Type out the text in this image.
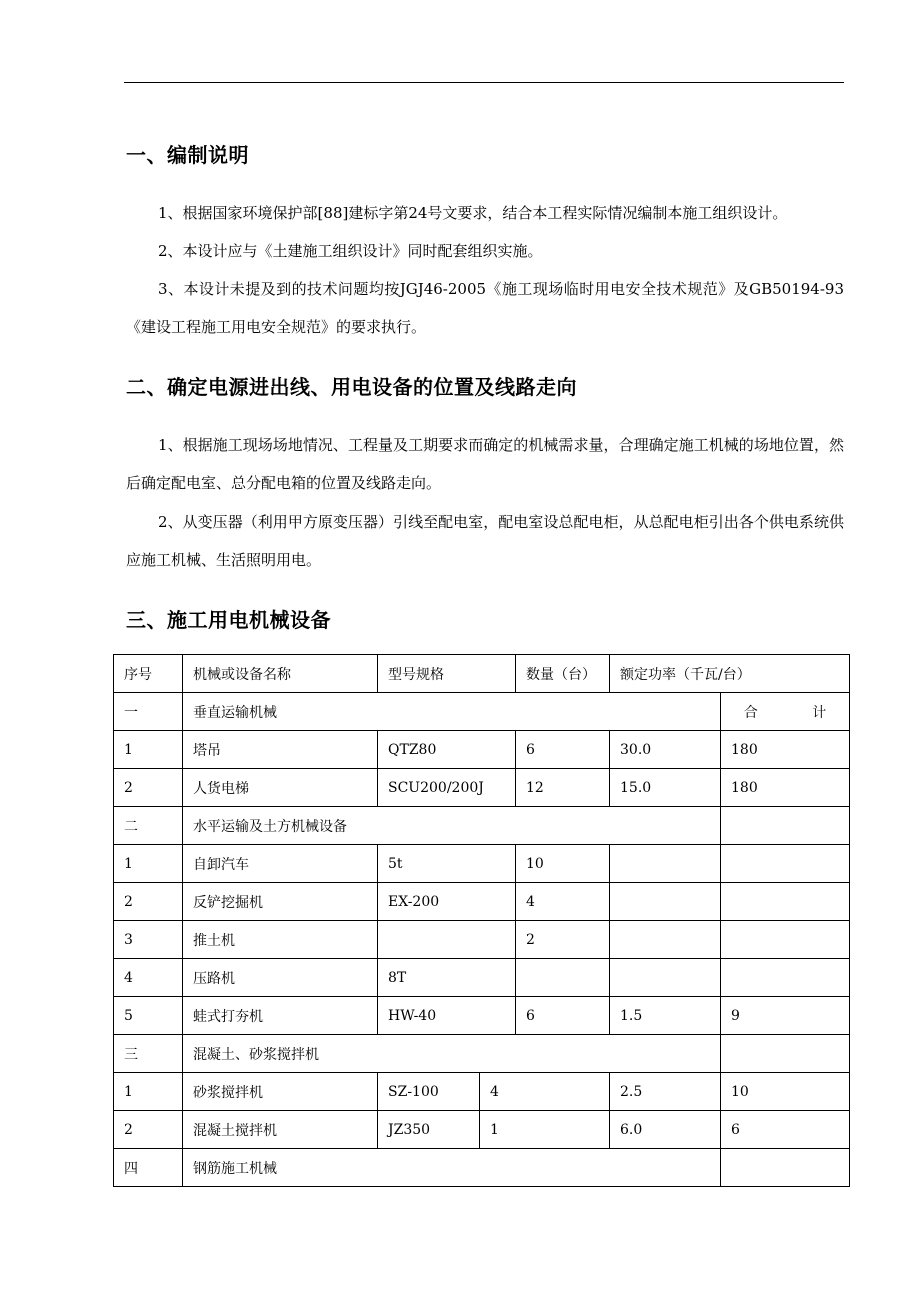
一、编制说明

1、根据国家环境保护部[88]建标字第24号文要求，结合本工程实际情况编制本施工组织设计。

2、本设计应与《土建施工组织设计》同时配套组织实施。

3、本设计未提及到的技术问题均按JGJ46-2005《施工现场临时用电安全技术规范》及GB50194-93《建设工程施工用电安全规范》的要求执行。

二、确定电源进出线、用电设备的位置及线路走向

1、根据施工现场场地情况、工程量及工期要求而确定的机械需求量，合理确定施工机械的场地位置，然后确定配电室、总分配电箱的位置及线路走向。

2、从变压器（利用甲方原变压器）引线至配电室，配电室设总配电柜，从总配电柜引出各个供电系统供应施工机械、生活照明用电。

三、施工用电机械设备
序号	机械或设备名称	型号规格		数量（台）	额定功率（千瓦/台）	
一	垂直运输机械					合 计
1	塔吊	QTZ80		6	30.0	180
2	人货电梯	SCU200/200J		12	15.0	180
二	水平运输及土方机械设备					
1	自卸汽车	5t		10		
2	反铲挖掘机	EX-200		4		
3	推土机			2		
4	压路机	8T				
5	蛙式打夯机	HW-40		6	1.5	9
三	混凝土、砂浆搅拌机					
1	砂浆搅拌机	SZ-100	4		2.5	10
2	混凝土搅拌机	JZ350	1		6.0	6
四	钢筋施工机械					
